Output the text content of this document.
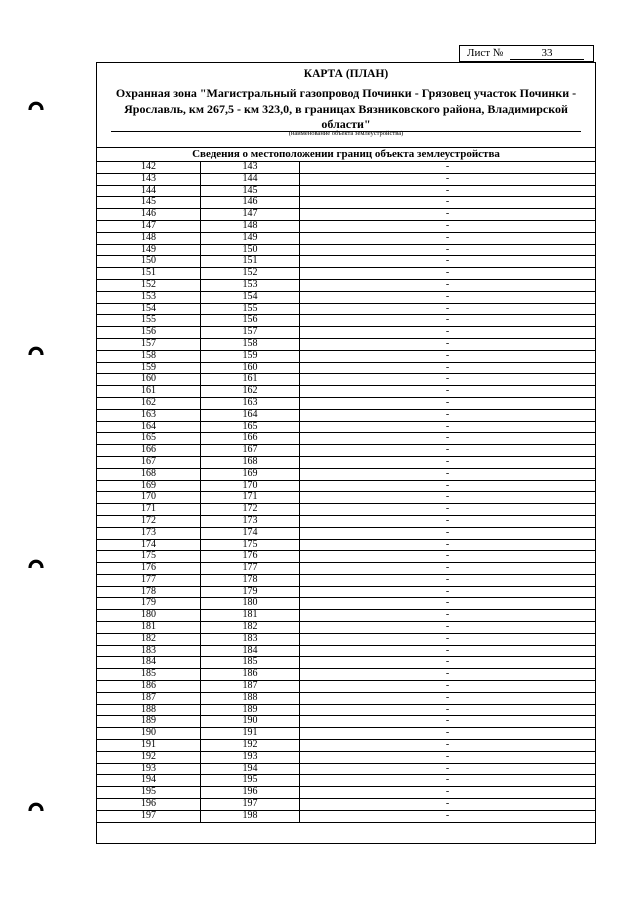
Лист №	33
КАРТА (ПЛАН)
Охранная зона "Магистральный газопровод Починки - Грязовец участок Починки - Ярославль, км 267,5 - км 323,0, в границах Вязниковского района, Владимирской области"
(наименование объекта землеустройства)
Сведения о местоположении границ объекта землеустройства
142	143	-
143	144	-
144	145	-
145	146	-
146	147	-
147	148	-
148	149	-
149	150	-
150	151	-
151	152	-
152	153	-
153	154	-
154	155	-
155	156	-
156	157	-
157	158	-
158	159	-
159	160	-
160	161	-
161	162	-
162	163	-
163	164	-
164	165	-
165	166	-
166	167	-
167	168	-
168	169	-
169	170	-
170	171	-
171	172	-
172	173	-
173	174	-
174	175	-
175	176	-
176	177	-
177	178	-
178	179	-
179	180	-
180	181	-
181	182	-
182	183	-
183	184	-
184	185	-
185	186	-
186	187	-
187	188	-
188	189	-
189	190	-
190	191	-
191	192	-
192	193	-
193	194	-
194	195	-
195	196	-
196	197	-
197	198	-
